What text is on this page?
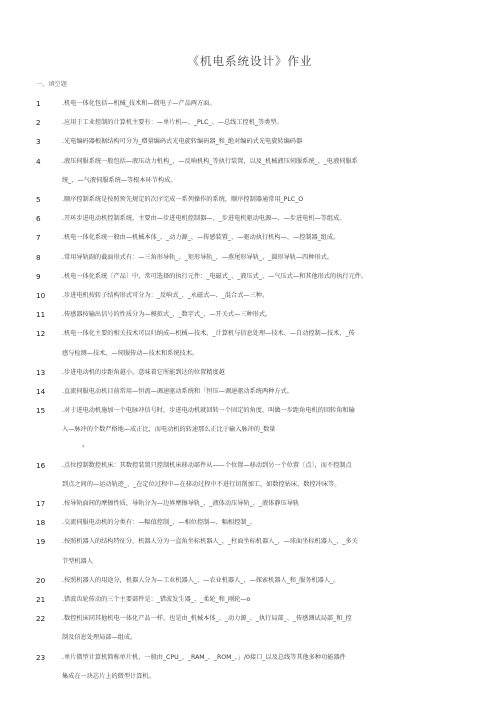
《机电系统设计》作业
一、填空题
1	.机电一体化包括—机械_技术和—微电子—产品两方面。
2	.应用于工业控制的计算机主要有：—单片机—、_PLC_、—总线工控机_等类型。
3	.光电编码器根据结构可分为_增量编码式光电旋转编码器_和_绝对编码式光电旋转编码器
4	.液压伺服系统一般包括—液压动力机构_、—反响机构_等执行装置，以及_机械液压伺服系统_、_电液伺服系
统_、—气液伺服系统—等根本环节构成。
5	.顺序控制系统是按照预先规定的次序完成一系列操作的系统，顺序控制器通常用_PLC_O
6	.开环步进电动机控制系统，主要由—步进电机控制器—、_步进电机驱动电源—、—步进电机—等组成。
7	.机电一体化系统一般由—机械本体_、_动力源_、—传感装置_、—驱动执行机构—、—控制器_组成。
8	.常用导轨副的截面形式有：—三角形导轨_、_矩形导轨_、—燕尾形导轨_、_圆形导轨—四种形式。
9	.机电一体化系统〔产品〕中，常可选择的执行元件：_电磁式_、_液压式_、—气压式—和其他形式的执行元件。
10	.步进电机按转子结构形式可分为：_反响式_、_永磁式—、_混合式—三种。
11	.传感器按输出信号的性质分为—模拟式_、_数字式_、—开关式—三种形式。
12	.机电一体化主要的相关技术可以归纳成—机械—技术、_计算机与信息处理—技术、—自动控制—技术、_传
感与检测—技术、—伺服传动—技术和系统技术。
13	.步进电动机的步距角越小，意味着它所能到达的位置精度越
14	.直流伺服电动机目前常用—恒流—调速驱动系统和「恒压—调速驱动系统两种方式。
15	.对于进电动机施加一个电脉冲信号时，步进电动机就回转一个固定的角度，叫做一步距角电机的回转角和输
入—脉冲的个数严格地—成正比，而电动机的转速那么正比于输入脉冲的_数量
*
16	.点位控制数控机床：其数控装置只控制机床移动部件从——个位置—移动到另一个位置〔点〕，而不控制点
到点之间的—运动轨迹_、_在定位过程中—在移动过程中不进行切削加工，如数控钻床、数控冲床等。
17	.按导轨面间的摩擦性质，导轨分为—边界摩擦导轨_、_液体动压导轨_、_液体静压导轨
18	.交流伺服电动机的分类有：—幅值控制_、—相位控制—、幅相控制_。
19	.按照机器人的结构特征分，机器人分为一直角坐标机器人_、_柱面坐标机器人_、—球面坐标机器人_、_多关
节型机器人
20	.按照机器人的用途分，机器人分为—工业机器人_、—农业机器人_、—探索机器人_和_服务机器人_。
21	.错波齿轮传动的三个主要部件是：_错波发生器_、_柔轮_和_刚轮—o
22	.数控机床同其他机电一体化产品一样，也是由_机械本体_、_动力源_、_执行局部_、_传感测试局部_和_控
制及信息处理局部—组成。
23	.单片微型计算机简称单片机，一般由_CPU_、_RAM_、_ROM_、」/0接口_以及总线等其他多种功能器件
集成在一块芯片上的微型计算机。
